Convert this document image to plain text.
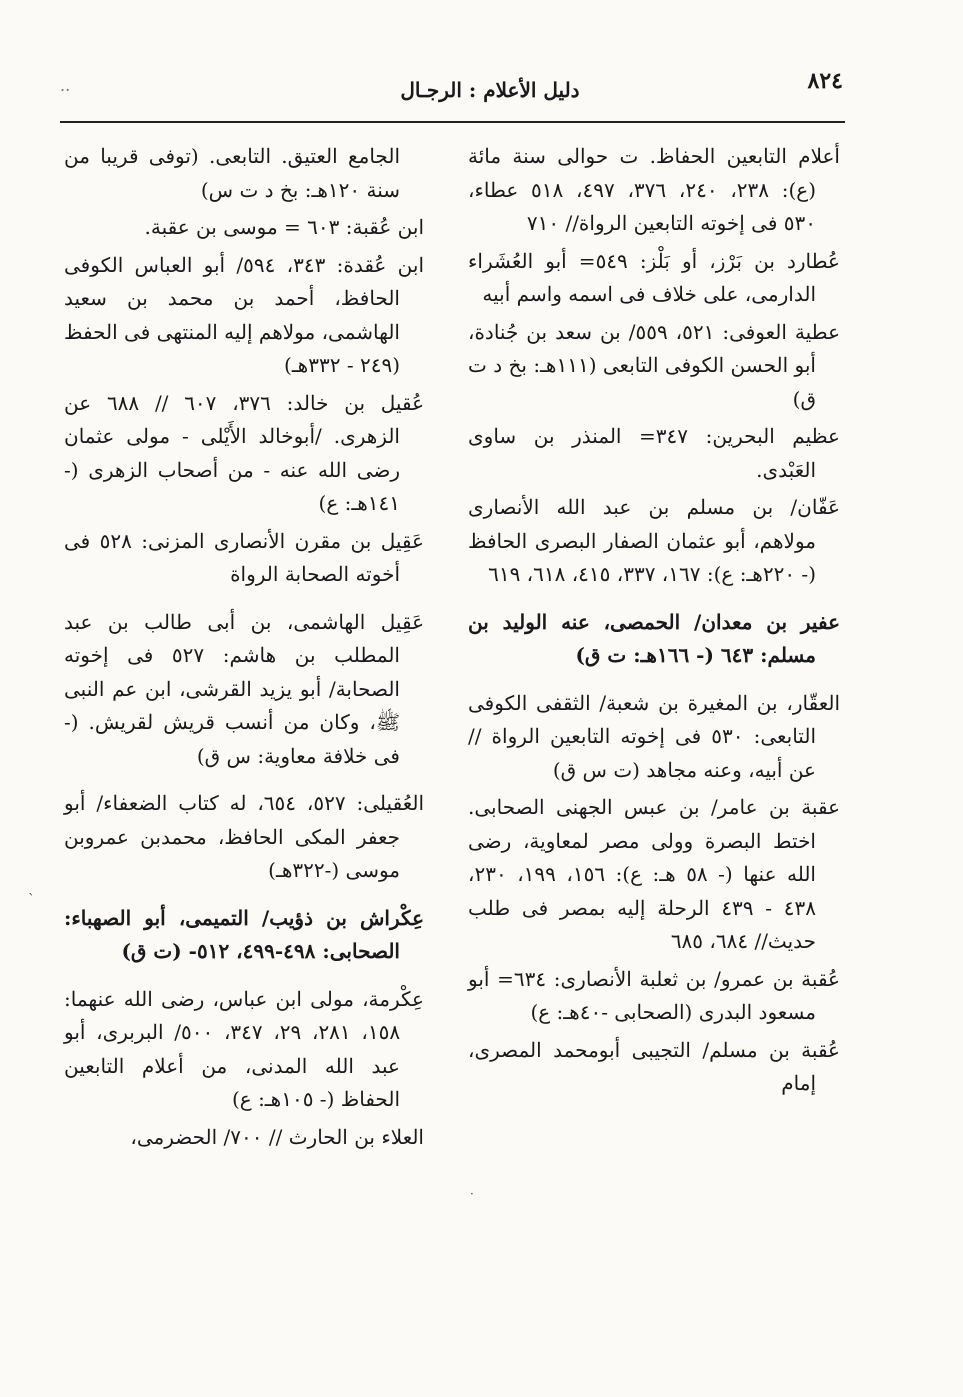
..	دليل الأعلام : الرجـال	٨٢٤

أعلام التابعين الحفاظ. ت حوالى سنة مائة (ع): ٢٣٨، ٢٤٠، ٣٧٦، ٤٩٧، ٥١٨ عطاء، ٥٣٠ فى إخوته التابعين الرواة// ٧١٠

عُطارد بن بَرْز، أو بَلْز: ٥٤٩= أبو العُشَراء الدارمى، على خلاف فى اسمه واسم أبيه

عطية العوفى: ٥٢١، ٥٥٩/ بن سعد بن جُنادة، أبو الحسن الكوفى التابعى (١١١هـ: بخ د ت ق)

عظيم البحرين: ٣٤٧= المنذر بن ساوى العَبْدى.

عَفّان/ بن مسلم بن عبد الله الأنصارى مولاهم، أبو عثمان الصفار البصرى الحافظ (- ٢٢٠هـ: ع): ١٦٧، ٣٣٧، ٤١٥، ٦١٨، ٦١٩

عفير بن معدان/ الحمصى، عنه الوليد بن مسلم: ٦٤٣ (- ١٦٦هـ: ت ق)

العقّار، بن المغيرة بن شعبة/ الثقفى الكوفى التابعى: ٥٣٠ فى إخوته التابعين الرواة //عن أبيه، وعنه مجاهد (ت س ق)

عقبة بن عامر/ بن عبس الجهنى الصحابى. اختط البصرة وولى مصر لمعاوية، رضى الله عنها (- ٥٨ هـ: ع): ١٥٦، ١٩٩، ٢٣٠، ٤٣٨ - ٤٣٩ الرحلة إليه بمصر فى طلب حديث// ٦٨٤، ٦٨٥

عُقبة بن عمرو/ بن ثعلبة الأنصارى: ٦٣٤= أبو مسعود البدرى (الصحابى -٤٠هـ: ع)

عُقبة بن مسلم/ التجيبى أبومحمد المصرى، إمام

الجامع العتيق. التابعى. (توفى قريبا من سنة ١٢٠هـ: بخ د ت س)

ابن عُقبة: ٦٠٣ = موسى بن عقبة.

ابن عُقدة: ٣٤٣، ٥٩٤/ أبو العباس الكوفى الحافظ، أحمد بن محمد بن سعيد الهاشمى، مولاهم إليه المنتهى فى الحفظ (٢٤٩ - ٣٣٢هـ)

عُقيل بن خالد: ٣٧٦، ٦٠٧ // ٦٨٨ عن الزهرى. /أبوخالد الأَيْلى - مولى عثمان رضى الله عنه - من أصحاب الزهرى (- ١٤١هـ: ع)

عَقِيل بن مقرن الأنصارى المزنى: ٥٢٨ فى أخوته الصحابة الرواة

عَقِيل الهاشمى، بن أبى طالب بن عبد المطلب بن هاشم: ٥٢٧ فى إخوته الصحابة/ أبو يزيد القرشى، ابن عم النبى ﷺ، وكان من أنسب قريش لقريش. (- فى خلافة معاوية: س ق)

العُقيلى: ٥٢٧، ٦٥٤، له كتاب الضعفاء/ أبو جعفر المكى الحافظ، محمدبن عمروبن موسى (-٣٢٢هـ)

عِكْراش بن ذؤيب/ التميمى، أبو الصهباء: الصحابى: ٤٩٨-٤٩٩، ٥١٢- (ت ق)

عِكْرمة، مولى ابن عباس، رضى الله عنهما: ١٥٨، ٢٨١، ٢٩، ٣٤٧، ٥٠٠/ البربرى، أبو عبد الله المدنى، من أعلام التابعين الحفاظ (- ١٠٥هـ: ع)

العلاء بن الحارث // ٧٠٠/ الحضرمى،

`
·
